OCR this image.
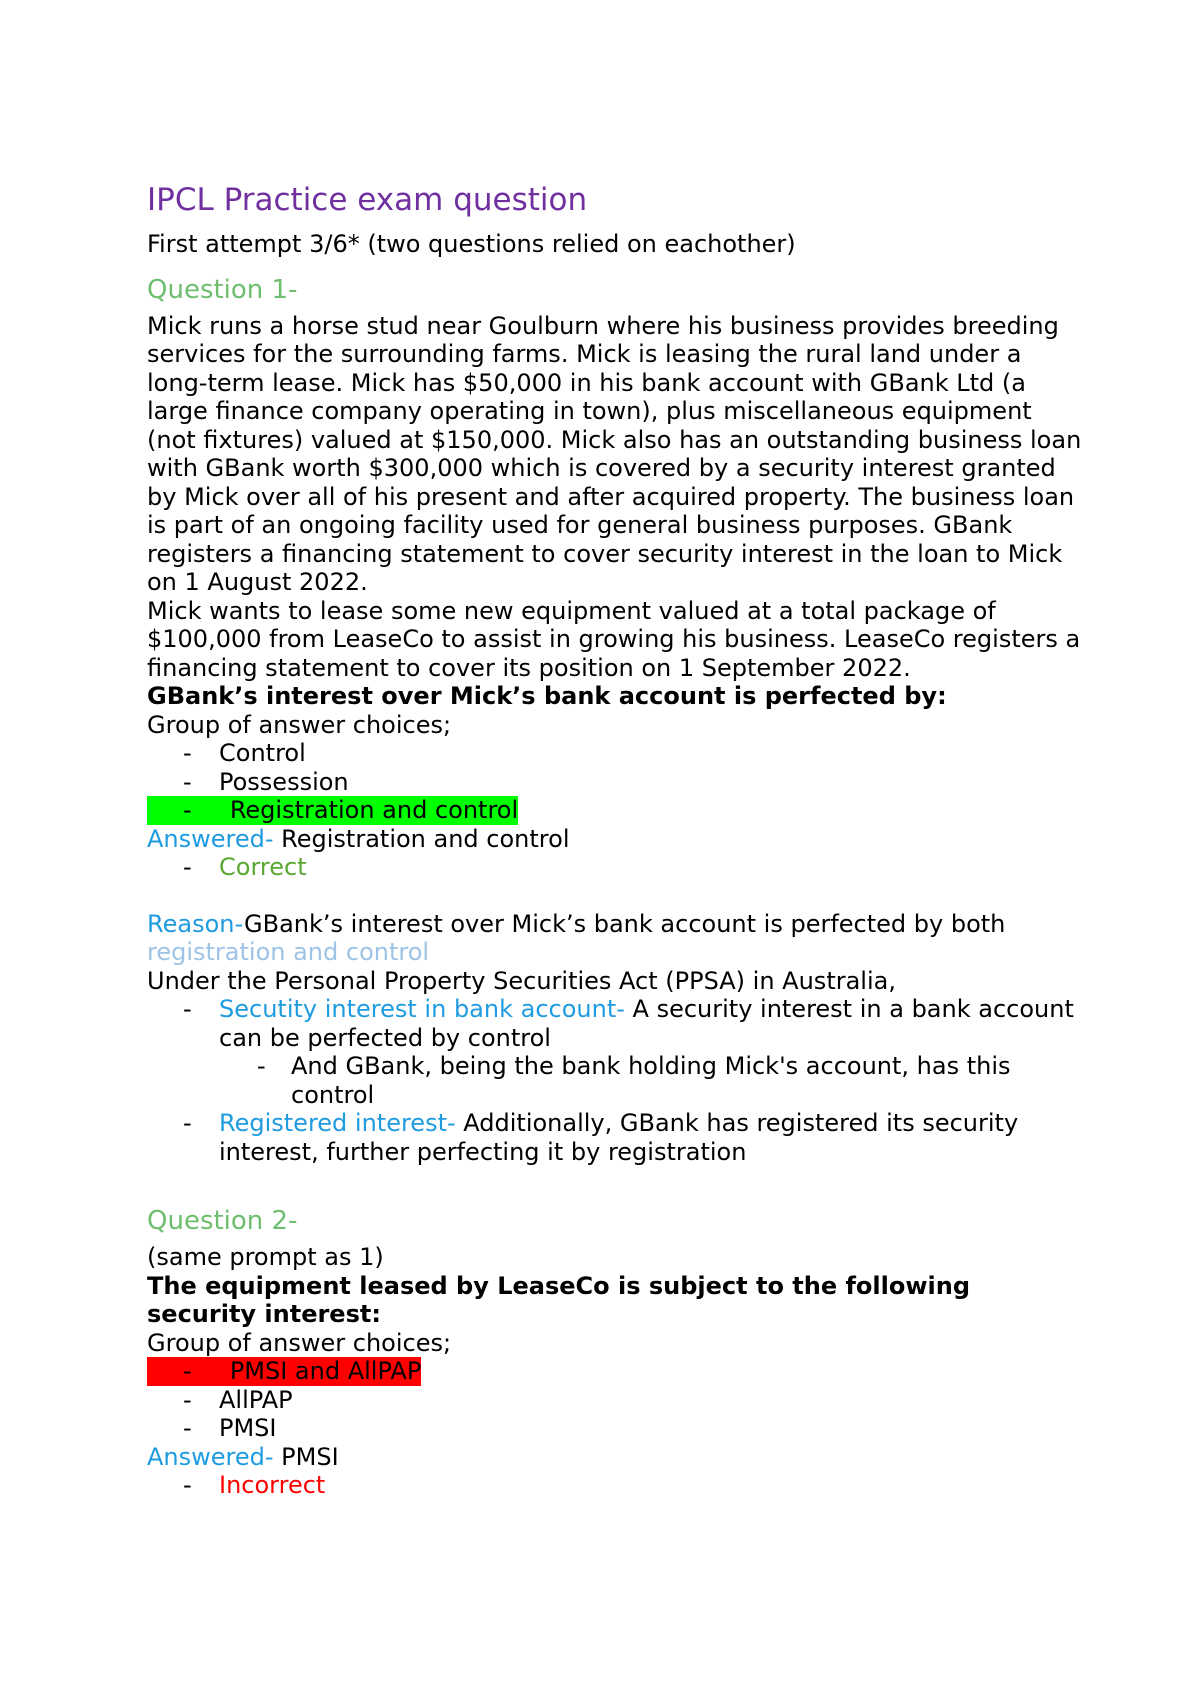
IPCL Practice exam question

First attempt 3/6* (two questions relied on eachother)

Question 1-

Mick runs a horse stud near Goulburn where his business provides breeding services for the surrounding farms. Mick is leasing the rural land under a long-term lease. Mick has $50,000 in his bank account with GBank Ltd (a large finance company operating in town), plus miscellaneous equipment (not fixtures) valued at $150,000. Mick also has an outstanding business loan with GBank worth $300,000 which is covered by a security interest granted by Mick over all of his present and after acquired property. The business loan is part of an ongoing facility used for general business purposes. GBank registers a financing statement to cover security interest in the loan to Mick on 1 August 2022.

Mick wants to lease some new equipment valued at a total package of $100,000 from LeaseCo to assist in growing his business. LeaseCo registers a financing statement to cover its position on 1 September 2022.

GBank’s interest over Mick’s bank account is perfected by:

Group of answer choices;

- Control
- Possession
- -     Registration and control

Answered- Registration and control

- Correct

Reason-GBank’s interest over Mick’s bank account is perfected by both

registration and control

Under the Personal Property Securities Act (PPSA) in Australia,

- Secutity interest in bank account- A security interest in a bank account can be perfected by control
- And GBank, being the bank holding Mick's account, has this control
- Registered interest- Additionally, GBank has registered its security interest, further perfecting it by registration
Question 2-

(same prompt as 1)

The equipment leased by LeaseCo is subject to the following security interest:

Group of answer choices;

- -     PMSI and AllPAP
- AllPAP
- PMSI

Answered- PMSI

- Incorrect
